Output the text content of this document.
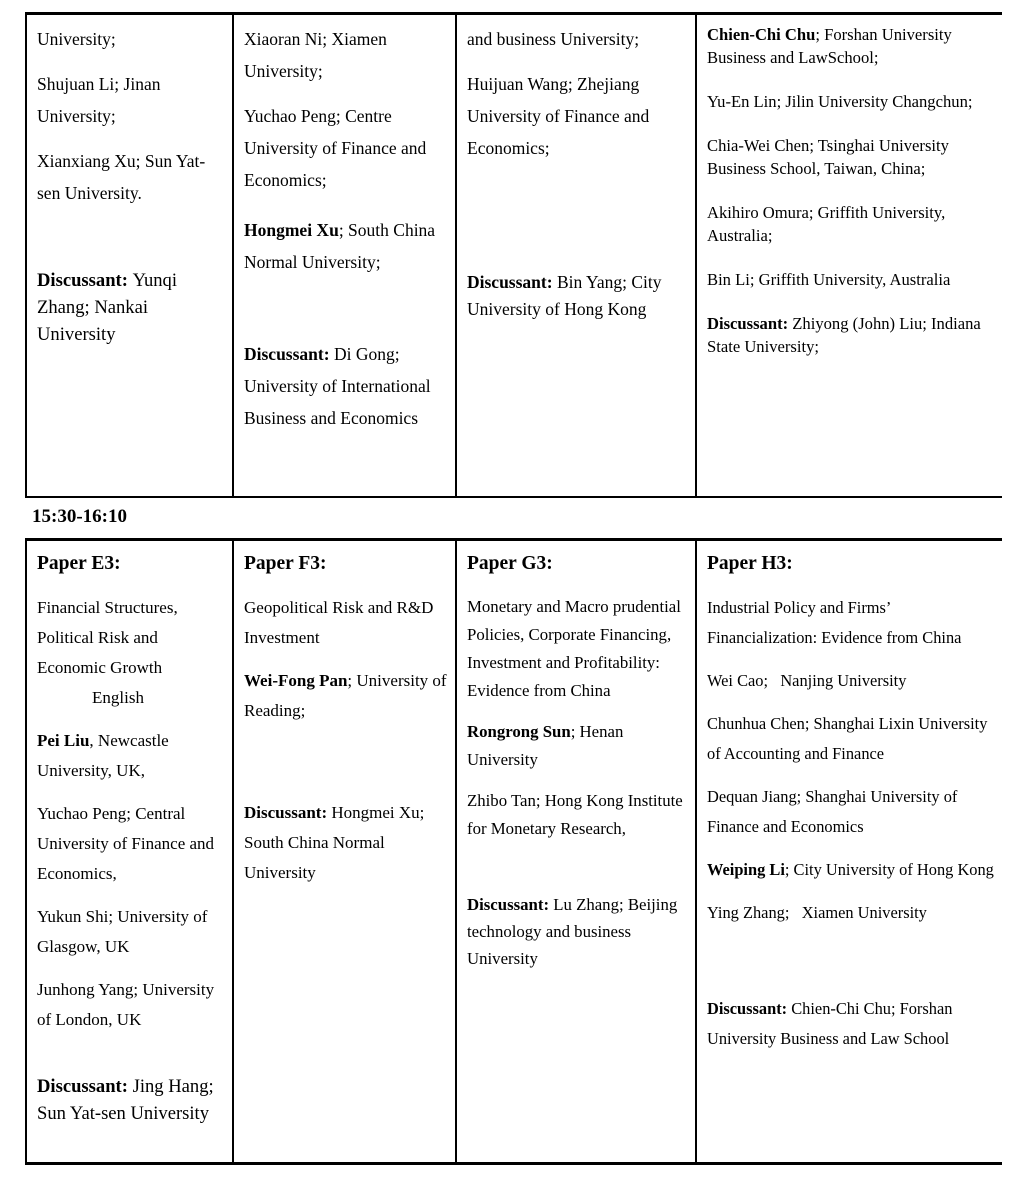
University;

Shujuan Li; Jinan University;

Xianxiang Xu; Sun Yat-sen University.

Discussant: Yunqi Zhang; Nankai University

Xiaoran Ni; Xiamen University;

Yuchao Peng; Centre University of Finance and Economics;

Hongmei Xu; South China Normal University;

Discussant: Di Gong; University of International Business and Economics

and business University;

Huijuan Wang; Zhejiang University of Finance and Economics;

Discussant: Bin Yang; City University of Hong Kong

Chien-Chi Chu; Forshan University Business and LawSchool;

Yu-En Lin; Jilin University Changchun;

Chia-Wei Chen; Tsinghai University Business School, Taiwan, China;

Akihiro Omura; Griffith University, Australia;

Bin Li; Griffith University, Australia

Discussant: Zhiyong (John) Liu; Indiana State University;

15:30-16:10

Paper E3:

Financial Structures, Political Risk and Economic Growth

English

Pei Liu, Newcastle University, UK,

Yuchao Peng; Central University of Finance and Economics,

Yukun Shi; University of Glasgow, UK

Junhong Yang; University of London, UK

Discussant: Jing Hang; Sun Yat-sen University

Paper F3:

Geopolitical Risk and R&D Investment

Wei-Fong Pan; University of Reading;

Discussant: Hongmei Xu; South China Normal University

Paper G3:

Monetary and Macro prudential Policies, Corporate Financing, Investment and Profitability: Evidence from China

Rongrong Sun; Henan University

Zhibo Tan; Hong Kong Institute for Monetary Research,

Discussant: Lu Zhang; Beijing technology and business University

Paper H3:

Industrial Policy and Firms’ Financialization: Evidence from China

Wei Cao;   Nanjing University

Chunhua Chen; Shanghai Lixin University of Accounting and Finance

Dequan Jiang; Shanghai University of Finance and Economics

Weiping Li; City University of Hong Kong

Ying Zhang;   Xiamen University

Discussant: Chien-Chi Chu; Forshan University Business and Law School
